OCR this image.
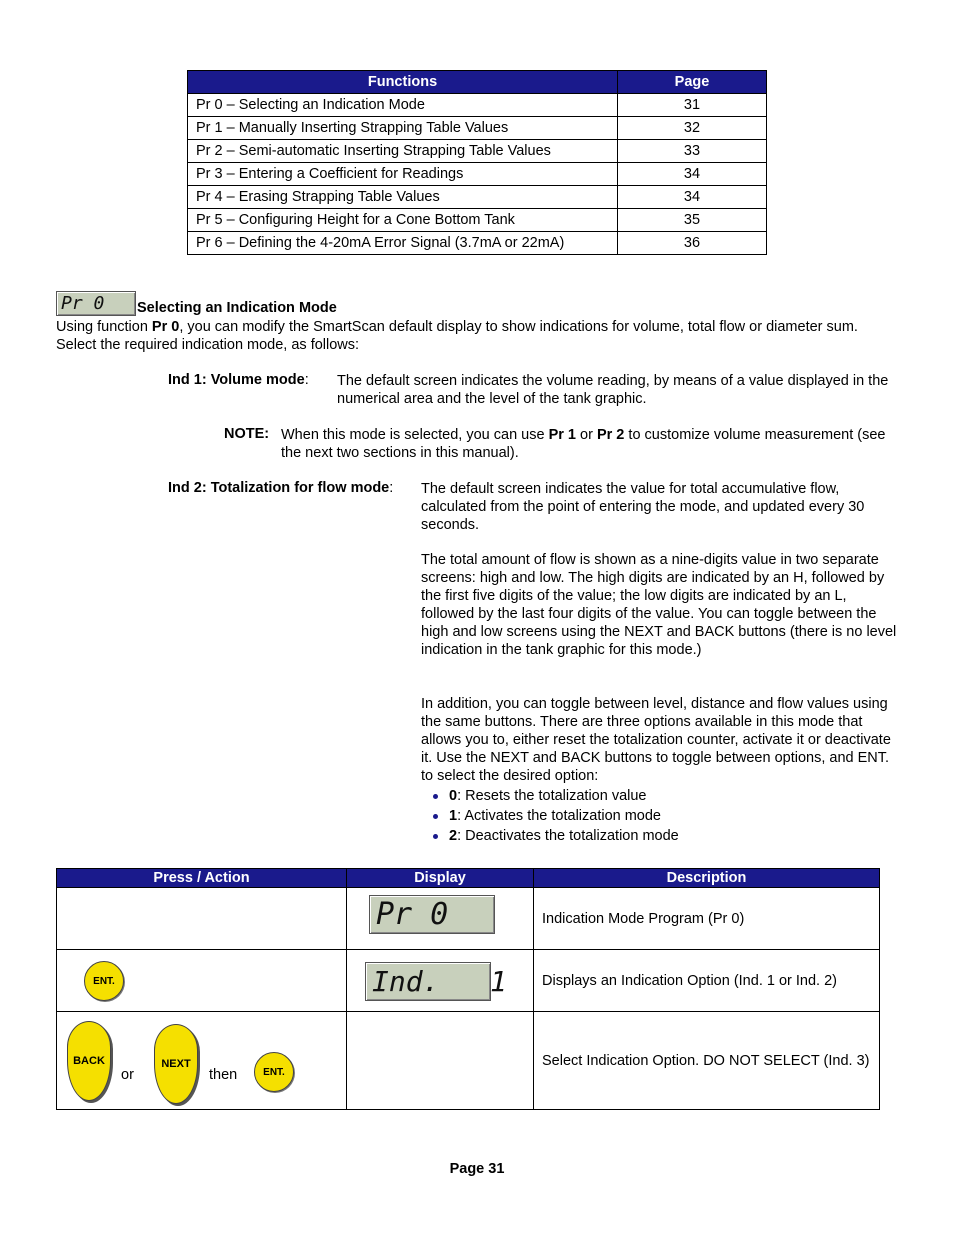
Functions	Page
Pr 0 – Selecting an Indication Mode	31
Pr 1 – Manually Inserting Strapping Table Values	32
Pr 2 – Semi-automatic Inserting Strapping Table Values	33
Pr 3 – Entering a Coefficient for Readings	34
Pr 4 – Erasing Strapping Table Values	34
Pr 5 – Configuring Height for a Cone Bottom Tank	35
Pr 6 – Defining the 4-20mA Error Signal (3.7mA or 22mA)	36
Pr 0 Selecting an Indication Mode

Using function Pr 0, you can modify the SmartScan default display to show indications for volume, total flow or diameter sum. Select the required indication mode, as follows:

Ind 1: Volume mode: The default screen indicates the volume reading, by means of a value displayed in the numerical area and the level of the tank graphic.

NOTE: When this mode is selected, you can use Pr 1 or Pr 2 to customize volume measurement (see the next two sections in this manual).

Ind 2: Totalization for flow mode: The default screen indicates the value for total accumulative flow, calculated from the point of entering the mode, and updated every 30 seconds.

The total amount of flow is shown as a nine-digits value in two separate screens: high and low. The high digits are indicated by an H, followed by the first five digits of the value; the low digits are indicated by an L, followed by the last four digits of the value. You can toggle between the high and low screens using the NEXT and BACK buttons (there is no level indication in the tank graphic for this mode.)

In addition, you can toggle between level, distance and flow values using the same buttons. There are three options available in this mode that allows you to, either reset the totalization counter, activate it or deactivate it. Use the NEXT and BACK buttons to toggle between options, and ENT. to select the desired option:

0: Resets the totalization value
1: Activates the totalization mode
2: Deactivates the totalization mode
Press / Action	Display	Description

	Pr 0	Indication Mode Program (Pr 0)

ENT.	Ind.   1	Displays an Indication Option (Ind. 1 or Ind. 2)

BACK
or
NEXT
then ENT.		Select Indication Option. DO NOT SELECT (Ind. 3)
Page 31
